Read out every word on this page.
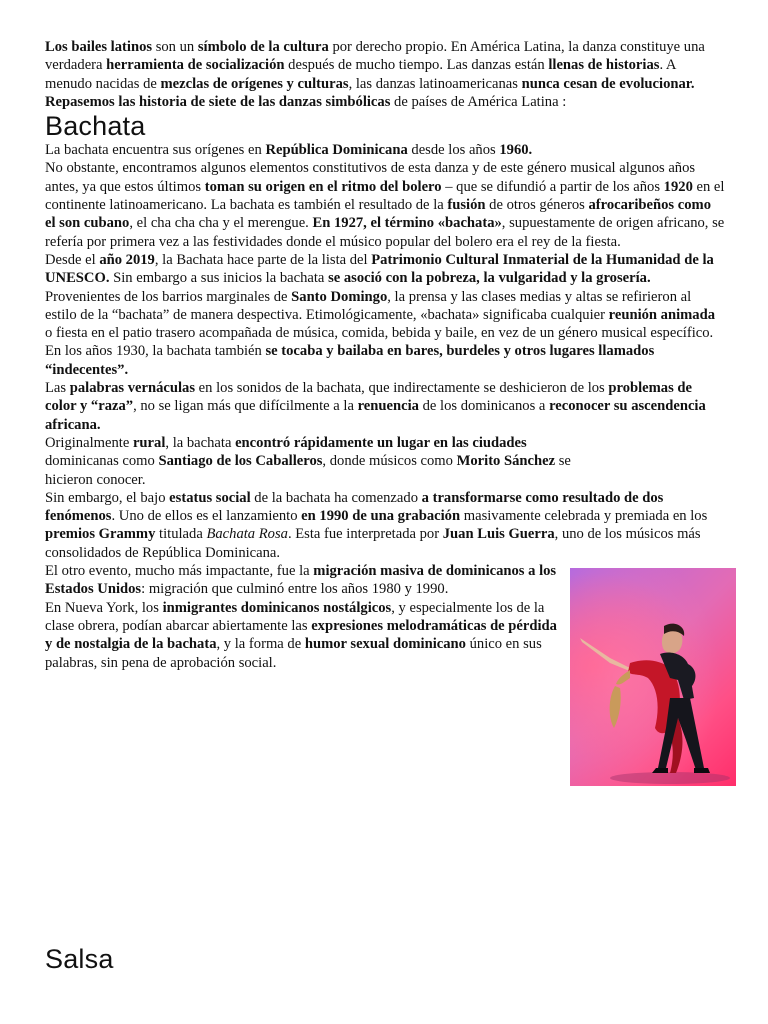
Los bailes latinos son un símbolo de la cultura por derecho propio. En América Latina, la danza constituye una verdadera herramienta de socialización después de mucho tiempo. Las danzas están llenas de historias. A menudo nacidas de mezclas de orígenes y culturas, las danzas latinoamericanas nunca cesan de evolucionar. Repasemos las historia de siete de las danzas simbólicas de países de América Latina :

Bachata

La bachata encuentra sus orígenes en República Dominicana desde los años 1960.
No obstante, encontramos algunos elementos constitutivos de esta danza y de este género musical algunos años antes, ya que estos últimos toman su origen en el ritmo del bolero – que se difundió a partir de los años 1920 en el continente latinoamericano. La bachata es también el resultado de la fusión de otros géneros afrocaribeños como el son cubano, el cha cha cha y el merengue. En 1927, el término «bachata», supuestamente de origen africano, se refería por primera vez a las festividades donde el músico popular del bolero era el rey de la fiesta.

Desde el año 2019, la Bachata hace parte de la lista del Patrimonio Cultural Inmaterial de la Humanidad de la UNESCO. Sin embargo a sus inicios la bachata se asoció con la pobreza, la vulgaridad y la grosería. Provenientes de los barrios marginales de Santo Domingo, la prensa y las clases medias y altas se refirieron al estilo de la “bachata” de manera despectiva. Etimológicamente, «bachata» significaba cualquier reunión animada o fiesta en el patio trasero acompañada de música, comida, bebida y baile, en vez de un género musical específico. En los años 1930, la bachata también se tocaba y bailaba en bares, burdeles y otros lugares llamados “indecentes”.

Las palabras vernáculas en los sonidos de la bachata, que indirectamente se deshicieron de los problemas de color y “raza”, no se ligan más que difícilmente a la renuencia de los dominicanos a reconocer su ascendencia africana.

Originalmente rural, la bachata encontró rápidamente un lugar en las ciudades dominicanas como Santiago de los Caballeros, donde músicos como Morito Sánchez se hicieron conocer.

Sin embargo, el bajo estatus social de la bachata ha comenzado a transformarse como resultado de dos fenómenos. Uno de ellos es el lanzamiento en 1990 de una grabación masivamente celebrada y premiada en los premios Grammy titulada Bachata Rosa. Esta fue interpretada por Juan Luis Guerra, uno de los músicos más consolidados de República Dominicana.

El otro evento, mucho más impactante, fue la migración masiva de dominicanos a los Estados Unidos: migración que culminó entre los años 1980 y 1990.

En Nueva York, los inmigrantes dominicanos nostálgicos, y especialmente los de la clase obrera, podían abarcar abiertamente las expresiones melodramáticas de pérdida y de nostalgia de la bachata, y la forma de humor sexual dominicano único en sus palabras, sin pena de aprobación social.

Salsa
